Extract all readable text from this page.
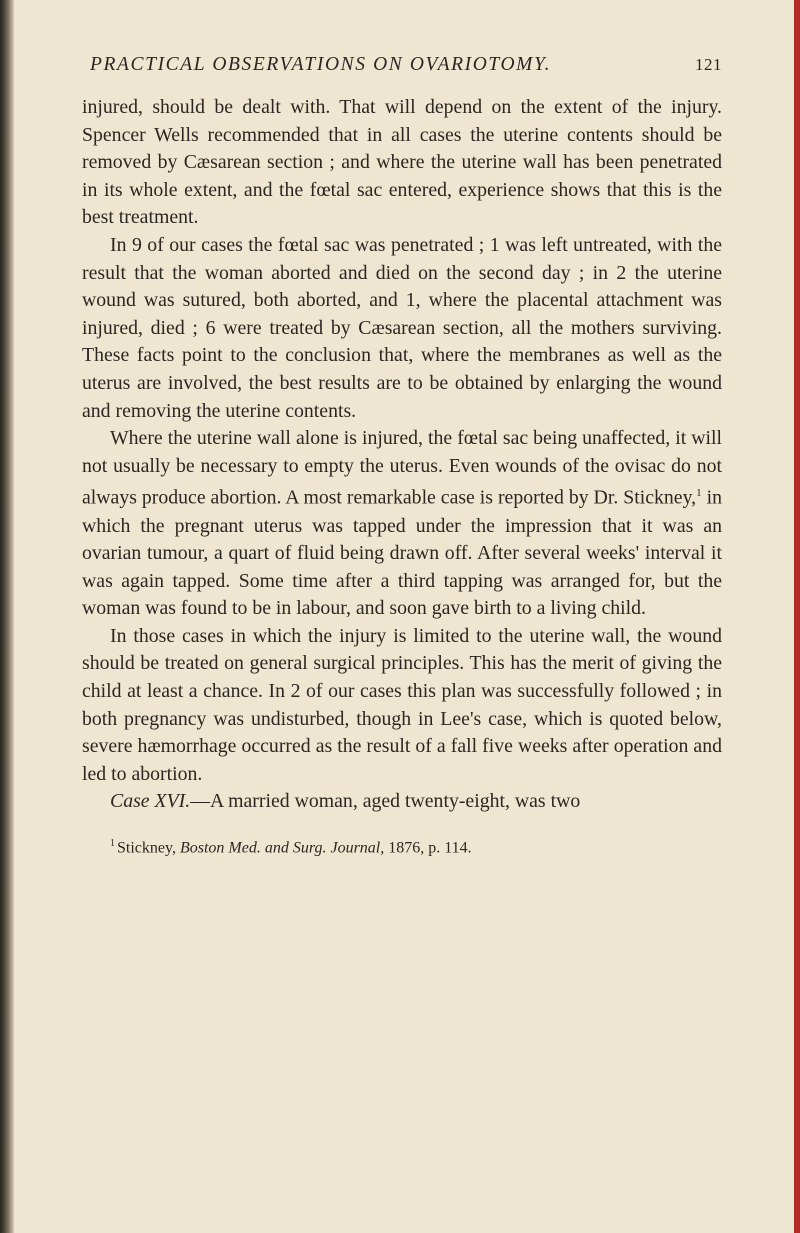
PRACTICAL OBSERVATIONS ON OVARIOTOMY.	121

injured, should be dealt with. That will depend on the extent of the injury. Spencer Wells recommended that in all cases the uterine contents should be removed by Cæsarean section ; and where the uterine wall has been penetrated in its whole extent, and the fœtal sac entered, experience shows that this is the best treatment.

In 9 of our cases the fœtal sac was penetrated ; 1 was left untreated, with the result that the woman aborted and died on the second day ; in 2 the uterine wound was sutured, both aborted, and 1, where the placental attachment was injured, died ; 6 were treated by Cæsarean section, all the mothers surviving. These facts point to the conclusion that, where the membranes as well as the uterus are involved, the best results are to be obtained by enlarging the wound and removing the uterine contents.

Where the uterine wall alone is injured, the fœtal sac being unaffected, it will not usually be necessary to empty the uterus. Even wounds of the ovisac do not always produce abortion. A most remarkable case is reported by Dr. Stickney,$^1$ in which the pregnant uterus was tapped under the impression that it was an ovarian tumour, a quart of fluid being drawn off. After several weeks' interval it was again tapped. Some time after a third tapping was arranged for, but the woman was found to be in labour, and soon gave birth to a living child.

In those cases in which the injury is limited to the uterine wall, the wound should be treated on general surgical principles. This has the merit of giving the child at least a chance. In 2 of our cases this plan was successfully followed ; in both pregnancy was undisturbed, though in Lee's case, which is quoted below, severe hæmorrhage occurred as the result of a fall five weeks after operation and led to abortion.

Case XVI.—A married woman, aged twenty-eight, was two

$^1$ Stickney, Boston Med. and Surg. Journal, 1876, p. 114.
